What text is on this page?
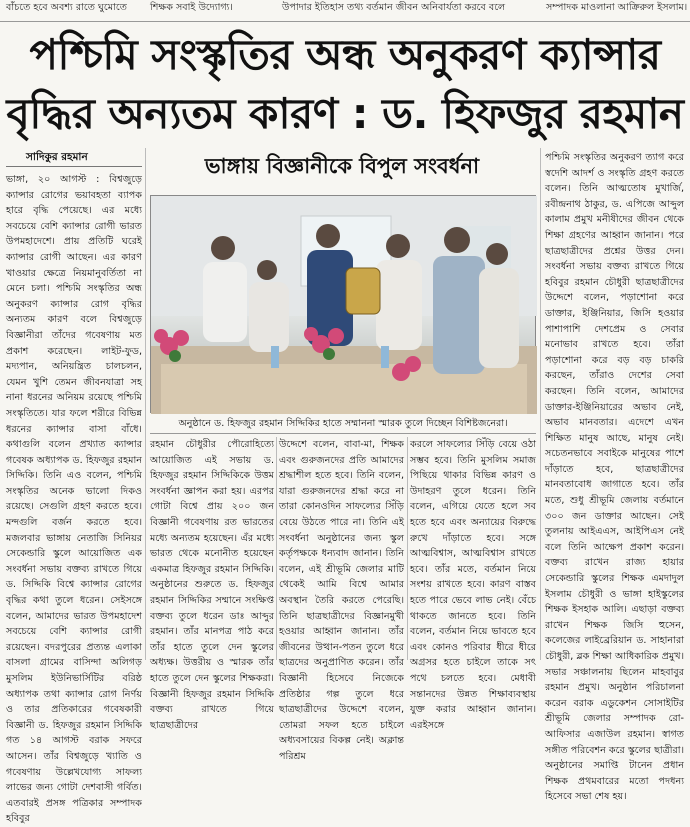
বাঁচতে হবে অবশ্য রাতে ঘুমোতে	শিক্ষক সবাই উদ্যোগ্য।	উপাদার ইতিহাস তথ্য বর্তমান জীবন অনিবার্যতা করবে বলে	সম্পাদক মাওলানা আক্রিরুল ইসলাম।
পশ্চিমি সংস্কৃতির অন্ধ অনুকরণ ক্যান্সার
বৃদ্ধির অন্যতম কারণ : ড. হিফজুর রহমান
সাদিকুর রহমান	ভাঙ্গায় বিজ্ঞানীকে বিপুল সংবর্ধনা

ভাঙ্গা, ২০ আগস্ট : বিশ্বজুড়ে ক্যান্সার রোগের ভয়াবহতা ব্যাপক হারে বৃদ্ধি পেয়েছে। এর মধ্যে সবচেয়ে বেশি ক্যান্সার রোগী ভারত উপমহাদেশে। প্রায় প্রতিটি ঘরেই ক্যান্সার রোগী আছেন। এর কারণ খাওয়ার ক্ষেত্রে নিয়মানুবর্তিতা না মেনে চলা। পশ্চিমি সংস্কৃতির অন্ধ অনুকরণ ক্যান্সার রোগ বৃদ্ধির অন্যতম কারণ বলে বিশ্বজুড়ে বিজ্ঞানীরা তাঁদের গবেষণায় মত প্রকাশ করেছেন। লাইট-ফুড, মদ্যপান, অনিয়ন্ত্রিত চালচলন, যেমন খুশি তেমন জীবনযাত্রা সহ নানা ধরনের অনিয়ম রয়েছে পশ্চিমি সংস্কৃতিতে। যার ফলে শরীরে বিভিন্ন ধরনের ক্যান্সার বাসা বাঁধে। কথাগুলি বলেন প্রখ্যাত ক্যান্সার গবেষক অধ্যাপক ড. হিফজুর রহমান সিদ্দিকি। তিনি এও বলেন, পশ্চিমি সংস্কৃতির অনেক ভালো দিকও রয়েছে। সেগুলি গ্রহণ করতে হবে। মন্দগুলি বর্জন করতে হবে। মজলবার ভাঙ্গায় নেতাজি সিনিয়র সেকেন্ডারি স্কুলে আয়োজিত এক সংবর্ধনা সভায় বক্তব্য রাখতে গিয়ে ড. সিদ্দিকি বিশ্বে ক্যান্সার রোগের বৃদ্ধির কথা তুলে ধরেন। সেইসঙ্গে বলেন, আমাদের ভারত উপমহাদেশ সবচেয়ে বেশি ক্যান্সার রোগী রয়েছেন। বদরপুরের প্রত্যন্ত এলাকা বাসলা গ্রামের বাসিন্দা অলিগড় মুসলিম ইউনিভার্সিটির বরিষ্ঠ অধ্যাপক তথা ক্যান্সার রোগ নির্ণয় ও তার প্রতিকারের গবেষকারী বিজ্ঞানী ড. হিফজুর রহমান সিদ্দিকি গত ১৪ আগস্ট বরাক সফরে আসেন। তাঁর বিশ্বজুড়ে খ্যাতি ও গবেষণায় উল্লেখযোগ্য সাফল্য লাভের জন্য গোটা দেশবাসী গর্বিত। এতবারই প্রসঙ্গ পত্রিকার সম্পাদক হবিবুর

অনুষ্ঠানে ড. হিফজুর রহমান সিদ্দিকির হাতে সম্মাননা স্মারক তুলে দিচ্ছেন বিশিষ্টজনেরা।

রহমান চৌধুরীর পৌরোহিত্যে আয়োজিত এই সভায় ড. হিফজুর রহমান সিদ্দিকিকে উত্তম সংবর্ধনা জ্ঞাপন করা হয়। এরপর গোটা বিশ্বে প্রায় ২০০ জন বিজ্ঞানী গবেষণায় রত ভারতের মধ্যে অন্যতম হয়েছেন। এঁর মধ্যে ভারত থেকে মনোনীত হয়েছেন একমাত্র হিফজুর রহমান সিদ্দিকি। অনুষ্ঠানের শুরুতে ড. হিফজুর রহমান সিদ্দিকির সম্মানে সংক্ষিপ্ত বক্তব্য তুলে ধরেন ডাঃ আব্দুর রহমান। তাঁর মানপত্র পাঠ করে তাঁর হাতে তুলে দেন স্কুলের অধ্যক্ষ। উত্তরীয় ও স্মারক তাঁর হাতে তুলে দেন স্কুলের শিক্ষকরা। বিজ্ঞানী হিফজুর রহমান সিদ্দিকি বক্তব্য রাখতে গিয়ে ছাত্রছাত্রীদের

উদ্দেশে বলেন, বাবা-মা, শিক্ষক এবং গুরুজনদের প্রতি আমাদের শ্রদ্ধাশীল হতে হবে। তিনি বলেন, যারা গুরুজনদের শ্রদ্ধা করে না তারা কোনওদিন সাফল্যের সিঁড়ি বেয়ে উঠতে পারে না। তিনি এই সংবর্ধনা অনুষ্ঠানের জন্য স্কুল কর্তৃপক্ষকে ধন্যবাদ জানান। তিনি বলেন, এই শ্রীভূমি জেলার মাটি থেকেই আমি বিশ্বে আমার অবস্থান তৈরি করতে পেরেছি। তিনি ছাত্রছাত্রীদের বিজ্ঞানমুখী হওয়ার আহ্বান জানান। তাঁর জীবনের উত্থান-পতন তুলে ধরে ছাত্রদের অনুপ্রাণিত করেন। তাঁর বিজ্ঞানী হিসেবে নিজেকে প্রতিষ্ঠার গল্প তুলে ধরে ছাত্রছাত্রীদের উদ্দেশে বলেন, তোমরা সফল হতে চাইলে অধ্যবসায়ের বিকল্প নেই। অক্লান্ত পরিশ্রম

করলে সাফল্যের সিঁড়ি বেয়ে ওঠা সম্ভব হবে। তিনি মুসলিম সমাজ পিছিয়ে থাকার বিভিন্ন কারণ ও উদাহরণ তুলে ধরেন। তিনি বলেন, এগিয়ে যেতে হলে সব হতে হবে এবং অন্যায়ের বিরুদ্ধে রুখে দাঁড়াতে হবে। সঙ্গে আত্মবিশ্বাস, আত্মবিশ্বাস রাখতে হবে। তাঁর মতে, বর্তমান নিয়ে সংশয় রাখতে হবে। কারণ বাস্তব হতে পারে ভেবে লাভ নেই। বেঁচে থাকতে জানতে হবে। তিনি বলেন, বর্তমান নিয়ে ভাবতে হবে এবং কোনও পরিবার ধীরে ধীরে অগ্রসর হতে চাইলে তাকে সৎ পথে চলতে হবে। মেধাবী সন্তানদের উন্নত শিক্ষাব্যবস্থায় যুক্ত করার আহ্বান জানান। এরইসঙ্গে

পশ্চিমি সংস্কৃতির অনুকরণ ত্যাগ করে স্বদেশি আদর্শ ও সংস্কৃতি গ্রহণ করতে বলেন। তিনি আত্মতোষ মুখার্জি, রবীন্দ্রনাথ ঠাকুর, ড. এপিজে আব্দুল কালাম প্রমুখ মনীষীদের জীবন থেকে শিক্ষা গ্রহণের আহ্বান জানান। পরে ছাত্রছাত্রীদের প্রশ্নের উত্তর দেন। সংবর্ধনা সভায় বক্তব্য রাখতে গিয়ে হবিবুর রহমান চৌধুরী ছাত্রছাত্রীদের উদ্দেশে বলেন, পড়াশোনা করে ডাক্তার, ইঞ্জিনিয়ার, জিসি হওয়ার পাশাপাশি দেশপ্রেম ও সেবার মনোভাব রাখতে হবে। তাঁরা পড়াশোনা করে বড় বড় চাকরি করছেন, তাঁরাও দেশের সেবা করছেন। তিনি বলেন, আমাদের ডাক্তার-ইঞ্জিনিয়ারের অভাব নেই, অভাব মানবতার। এদেশে এখন শিক্ষিত মানুষ আছে, মানুষ নেই। সচেতনভাবে সবাইকে মানুষের পাশে দাঁড়াতে হবে, ছাত্রছাত্রীদের মানবতাবোধ জাগাতে হবে। তাঁর মতে, শুধু শ্রীভূমি জেলায় বর্তমানে ৩০০ জন ডাক্তার আছেন। সেই তুলনায় আইএএস, আইপিএস নেই বলে তিনি আক্ষেপ প্রকাশ করেন। বক্তব্য রাখেন রাজ্য হায়ার সেকেন্ডারি স্কুলের শিক্ষক এমদাদুল ইসলাম চৌধুরী ও ভাঙ্গা হাইস্কুলের শিক্ষক ইসহাক আলি। এছাড়া বক্তব্য রাখেন শিক্ষক জিসি হুসেন, কলেজের লাইব্রেরিয়ান ড. সাহানারা চৌধুরী, ব্লক শিক্ষা আধিকারিক প্রমুখ। সভার সঞ্চালনায় ছিলেন মাহবাবুর রহমান প্রমুখ। অনুষ্ঠান পরিচালনা করেন বরাক এডুকেশন সোসাইটির শ্রীভূমি জেলার সম্পাদক রো-আফিসার এজাউল রহমান। স্বাগত সঙ্গীত পরিবেশন করে স্কুলের ছাত্রীরা। অনুষ্ঠানের সমাপ্তি টানেন প্রধান শিক্ষক প্রথমবারের মতো পদধন্য হিসেবে সভা শেষ হয়।
